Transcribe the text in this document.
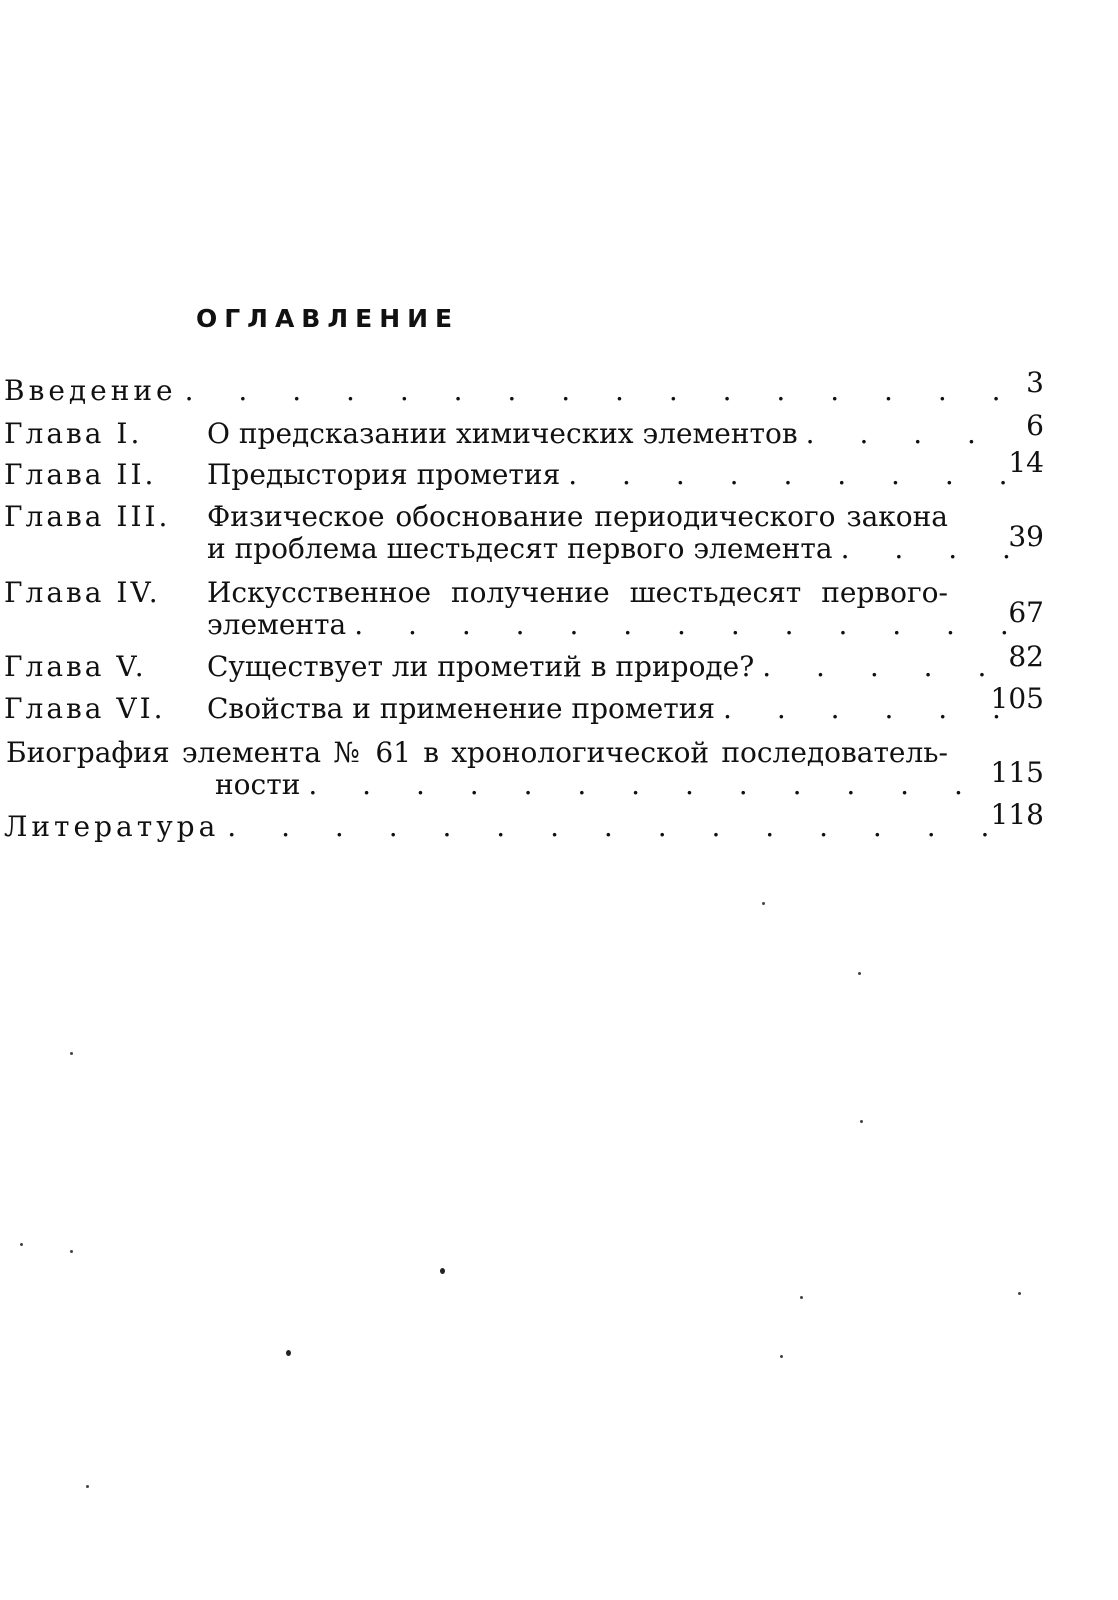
ОГЛАВЛЕНИЕ
Введение . . .	3
Глава I.	О предсказании химических элементов . . .	6
Глава II.	Предыстория прометия . . .	14
Глава III.	Физическое обоснование периодического закона
и проблема шестьдесят первого элемента . . .	39
Глава IV.	Искусственное получение шестьдесят первого-
элемента . . .	67
Глава V.	Существует ли прометий в природе? . . .	82
Глава VI.	Свойства и применение прометия . . .	105
Биография элемента № 61 в хронологической последователь-
ности . . .	115
Литература . . .	118
